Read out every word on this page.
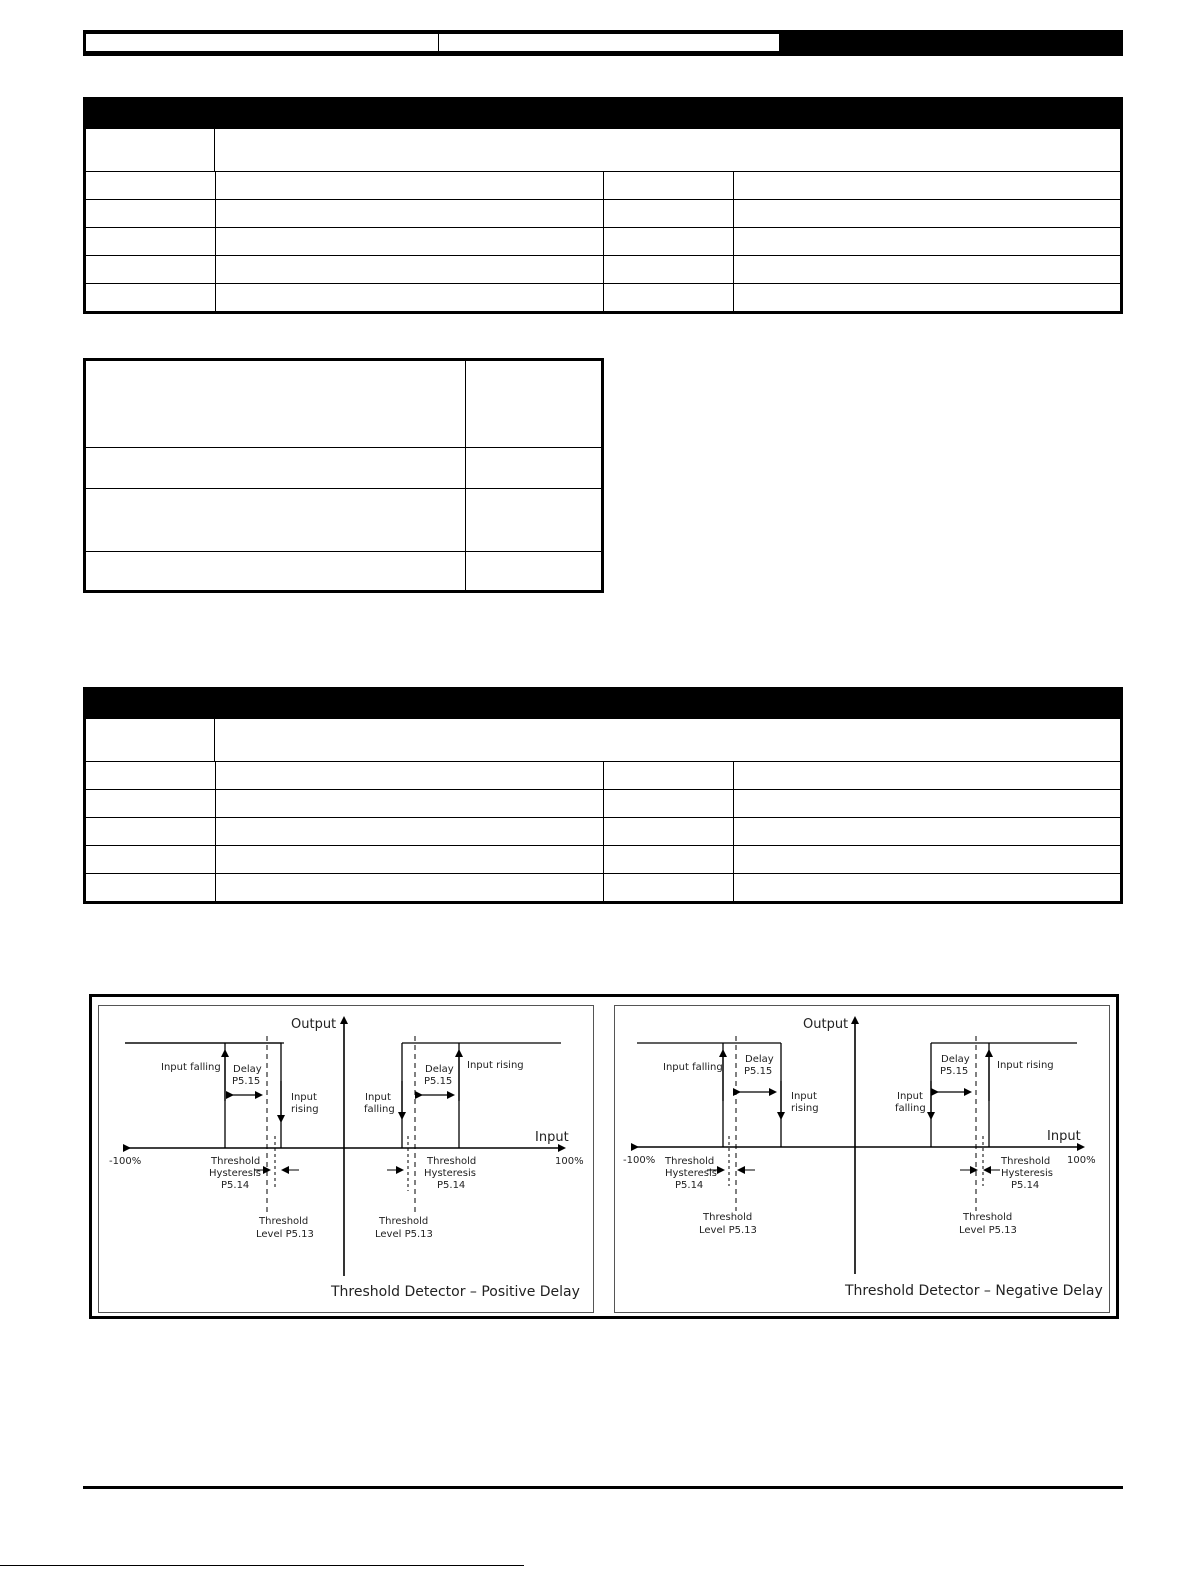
Output
Input
-100%	100%
Input falling Delay
P5.15
Input
rising
Threshold
Hysteresis
P5.14
Threshold
Level P5.13
Input
falling
Delay
P5.15
Input rising
Threshold
Hysteresis
P5.14
Threshold
Level P5.13
Threshold Detector – Positive Delay
Output
Input
-100%	100%
Input falling
Delay
P5.15
Input
rising
Threshold
Hysteresis
P5.14
Threshold
Level P5.13
Input
falling
Delay
P5.15
Input rising
Threshold
Hysteresis
P5.14
Threshold
Level P5.13
Threshold Detector – Negative Delay
